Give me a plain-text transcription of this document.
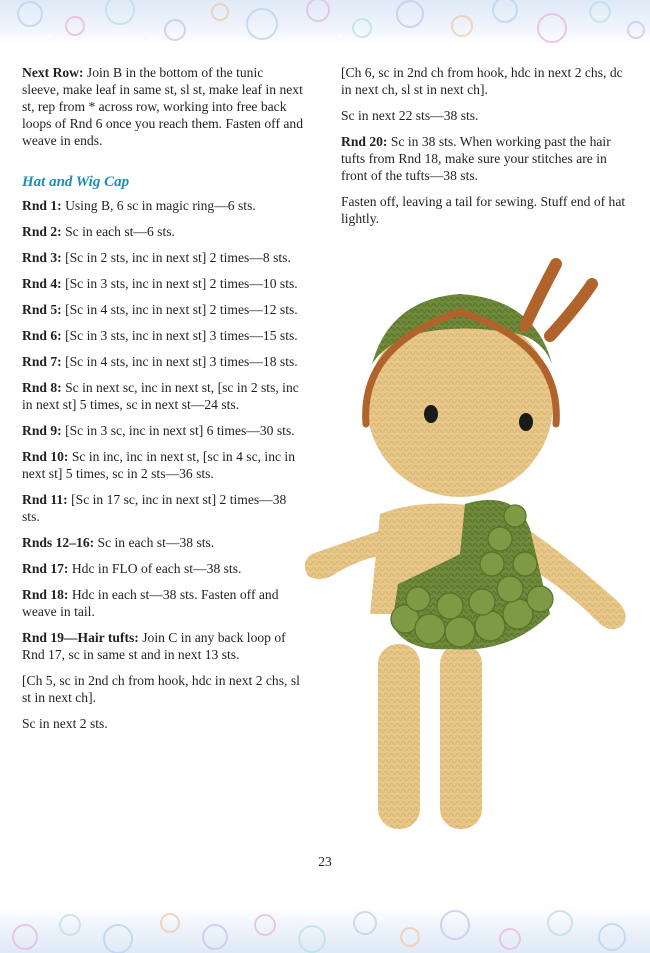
Next Row: Join B in the bottom of the tunic sleeve, make leaf in same st, sl st, make leaf in next st, rep from * across row, working into free back loops of Rnd 6 once you reach them. Fasten off and weave in ends.

Hat and Wig Cap

Rnd 1: Using B, 6 sc in magic ring—6 sts.

Rnd 2: Sc in each st—6 sts.

Rnd 3: [Sc in 2 sts, inc in next st] 2 times—8 sts.

Rnd 4: [Sc in 3 sts, inc in next st] 2 times—10 sts.

Rnd 5: [Sc in 4 sts, inc in next st] 2 times—12 sts.

Rnd 6: [Sc in 3 sts, inc in next st] 3 times—15 sts.

Rnd 7: [Sc in 4 sts, inc in next st] 3 times—18 sts.

Rnd 8: Sc in next sc, inc in next st, [sc in 2 sts, inc in next st] 5 times, sc in next st—24 sts.

Rnd 9: [Sc in 3 sc, inc in next st] 6 times—30 sts.

Rnd 10: Sc in inc, inc in next st, [sc in 4 sc, inc in next st] 5 times, sc in 2 sts—36 sts.

Rnd 11: [Sc in 17 sc, inc in next st] 2 times—38 sts.

Rnds 12–16: Sc in each st—38 sts.

Rnd 17: Hdc in FLO of each st—38 sts.

Rnd 18: Hdc in each st—38 sts. Fasten off and weave in tail.

Rnd 19—Hair tufts: Join C in any back loop of Rnd 17, sc in same st and in next 13 sts.

[Ch 5, sc in 2nd ch from hook, hdc in next 2 chs, sl st in next ch].

Sc in next 2 sts.

[Ch 6, sc in 2nd ch from hook, hdc in next 2 chs, dc in next ch, sl st in next ch].

Sc in next 22 sts—38 sts.

Rnd 20: Sc in 38 sts. When working past the hair tufts from Rnd 18, make sure your stitches are in front of the tufts—38 sts.

Fasten off, leaving a tail for sewing. Stuff end of hat lightly.

23
